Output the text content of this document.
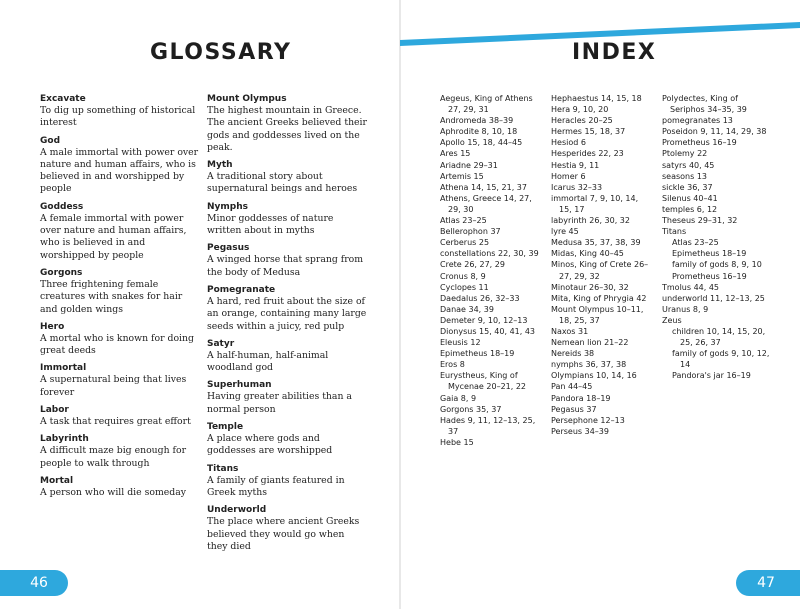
GLOSSARY	INDEX
Excavate
To dig up something of historical interest
God
A male immortal with power over nature and human affairs, who is believed in and worshipped by people
Goddess
A female immortal with power over nature and human affairs, who is believed in and worshipped by people
Gorgons
Three frightening female creatures with snakes for hair and golden wings
Hero
A mortal who is known for doing great deeds
Immortal
A supernatural being that lives forever
Labor
A task that requires great effort
Labyrinth
A difficult maze big enough for people to walk through
Mortal
A person who will die someday
Mount Olympus
The highest mountain in Greece. The ancient Greeks believed their gods and goddesses lived on the peak.
Myth
A traditional story about supernatural beings and heroes
Nymphs
Minor goddesses of nature written about in myths
Pegasus
A winged horse that sprang from the body of Medusa
Pomegranate
A hard, red fruit about the size of an orange, containing many large seeds within a juicy, red pulp
Satyr
A half-human, half-animal woodland god
Superhuman
Having greater abilities than a normal person
Temple
A place where gods and goddesses are worshipped
Titans
A family of giants featured in Greek myths
Underworld
The place where ancient Greeks believed they would go when they died
Aegeus, King of Athens 27, 29, 31
Andromeda 38–39
Aphrodite 8, 10, 18
Apollo 15, 18, 44–45
Ares 15
Ariadne 29–31
Artemis 15
Athena 14, 15, 21, 37
Athens, Greece 14, 27, 29, 30
Atlas 23–25
Bellerophon 37
Cerberus 25
constellations 22, 30, 39
Crete 26, 27, 29
Cronus 8, 9
Cyclopes 11
Daedalus 26, 32–33
Danae 34, 39
Demeter 9, 10, 12–13
Dionysus 15, 40, 41, 43
Eleusis 12
Epimetheus 18–19
Eros 8
Eurystheus, King of Mycenae 20–21, 22
Gaia 8, 9
Gorgons 35, 37
Hades 9, 11, 12–13, 25, 37
Hebe 15
Hephaestus 14, 15, 18
Hera 9, 10, 20
Heracles 20–25
Hermes 15, 18, 37
Hesiod 6
Hesperides 22, 23
Hestia 9, 11
Homer 6
Icarus 32–33
immortal 7, 9, 10, 14, 15, 17
labyrinth 26, 30, 32
lyre 45
Medusa 35, 37, 38, 39
Midas, King 40–45
Minos, King of Crete 26–27, 29, 32
Minotaur 26–30, 32
Mita, King of Phrygia 42
Mount Olympus 10–11, 18, 25, 37
Naxos 31
Nemean lion 21–22
Nereids 38
nymphs 36, 37, 38
Olympians 10, 14, 16
Pan 44–45
Pandora 18–19
Pegasus 37
Persephone 12–13
Perseus 34–39
Polydectes, King of Seriphos 34–35, 39
pomegranates 13
Poseidon 9, 11, 14, 29, 38
Prometheus 16–19
Ptolemy 22
satyrs 40, 45
seasons 13
sickle 36, 37
Silenus 40–41
temples 6, 12
Theseus 29–31, 32
Titans
Atlas 23–25
Epimetheus 18–19
family of gods 8, 9, 10
Prometheus 16–19
Tmolus 44, 45
underworld 11, 12–13, 25
Uranus 8, 9
Zeus
children 10, 14, 15, 20, 25, 26, 37
family of gods 9, 10, 12, 14
Pandora's jar 16–19
46	47
